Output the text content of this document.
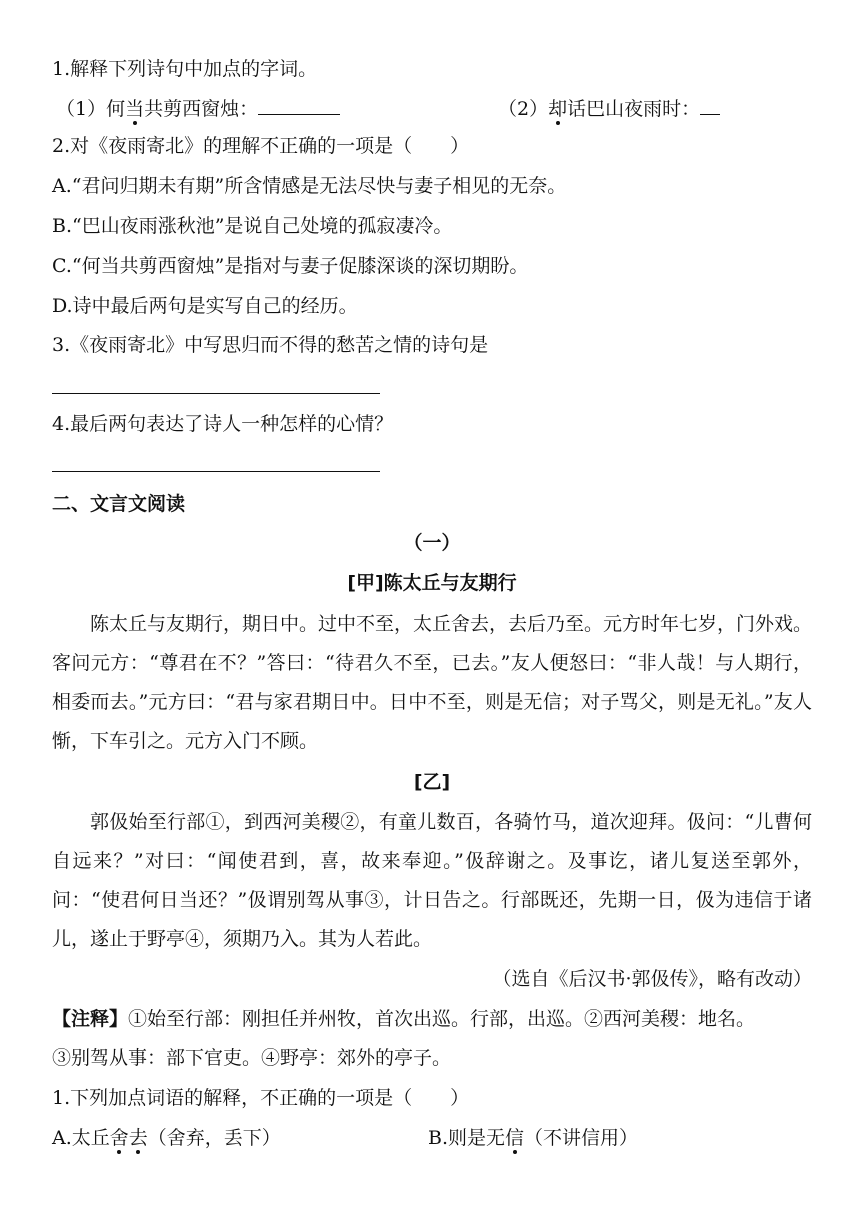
1.解释下列诗句中加点的字词。
（1）何当共剪西窗烛：	（2）却话巴山夜雨时：
2.对《夜雨寄北》的理解不正确的一项是（　　）
A.“君问归期未有期”所含情感是无法尽快与妻子相见的无奈。
B.“巴山夜雨涨秋池”是说自己处境的孤寂凄冷。
C.“何当共剪西窗烛”是指对与妻子促膝深谈的深切期盼。
D.诗中最后两句是实写自己的经历。
3.《夜雨寄北》中写思归而不得的愁苦之情的诗句是
4.最后两句表达了诗人一种怎样的心情？
二、文言文阅读
（一）
[甲]陈太丘与友期行
陈太丘与友期行，期日中。过中不至，太丘舍去，去后乃至。元方时年七岁，门外戏。客问元方：“尊君在不？”答曰：“待君久不至，已去。”友人便怒曰：“非人哉！与人期行，相委而去。”元方曰：“君与家君期日中。日中不至，则是无信；对子骂父，则是无礼。”友人惭，下车引之。元方入门不顾。
[乙]
郭伋始至行部①，到西河美稷②，有童儿数百，各骑竹马，道次迎拜。伋问：“儿曹何自远来？”对曰：“闻使君到，喜，故来奉迎。”伋辞谢之。及事讫，诸儿复送至郭外，问：“使君何日当还？”伋谓别驾从事③，计日告之。行部既还，先期一日，伋为违信于诸儿，遂止于野亭④，须期乃入。其为人若此。
（选自《后汉书·郭伋传》，略有改动）
【注释】①始至行部：刚担任并州牧，首次出巡。行部，出巡。②西河美稷：地名。
③别驾从事：部下官吏。④野亭：郊外的亭子。
1.下列加点词语的解释，不正确的一项是（　　）
A.太丘舍去（舍弃，丢下）	B.则是无信（不讲信用）
